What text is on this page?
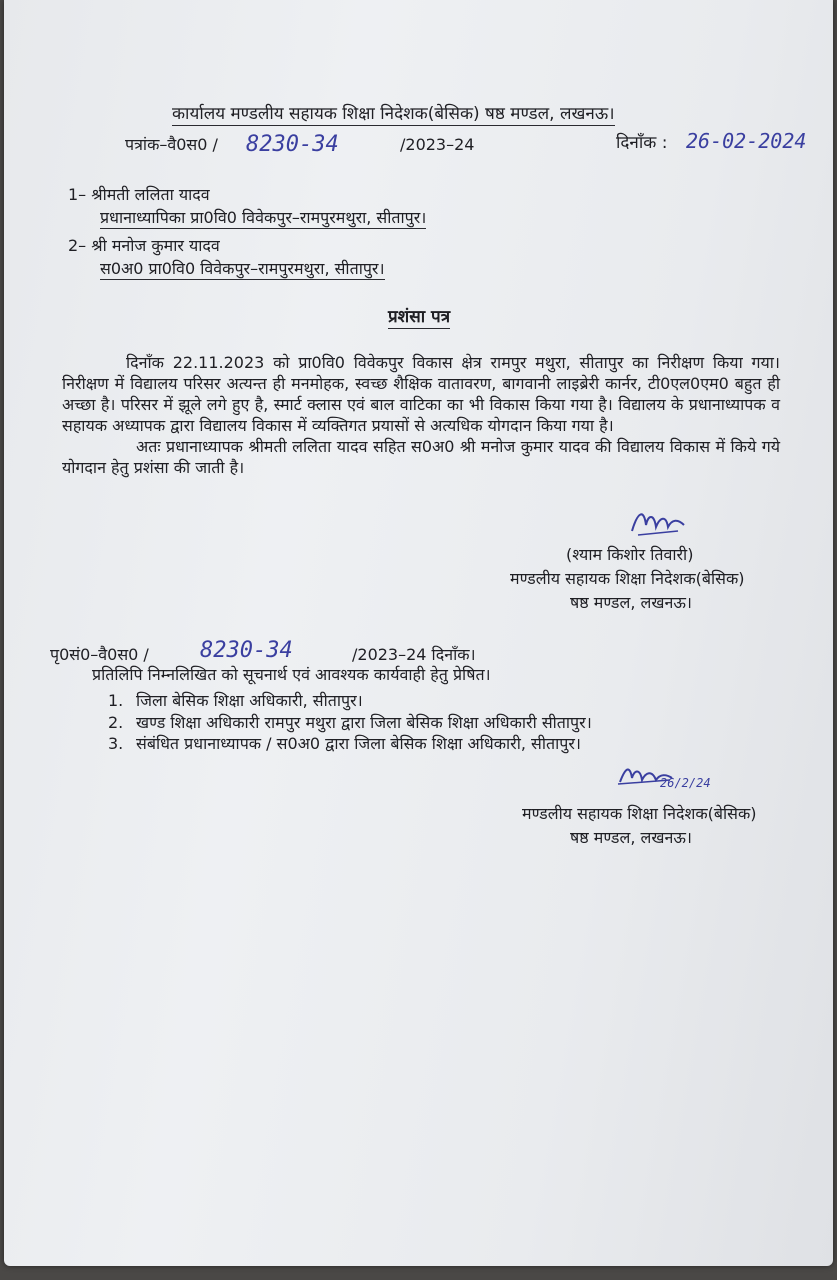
कार्यालय मण्डलीय सहायक शिक्षा निदेशक(बेसिक) षष्ठ मण्डल, लखनऊ।
पत्रांक–वै0स0 / 8230-34	/2023–24	दिनाँक : 26-02-2024
1– श्रीमती ललिता यादव
प्रधानाध्यापिका प्रा0वि0 विवेकपुर–रामपुरमथुरा, सीतापुर।
2– श्री मनोज कुमार यादव
स0अ0 प्रा0वि0 विवेकपुर–रामपुरमथुरा, सीतापुर।
प्रशंसा पत्र

दिनाँक 22.11.2023 को प्रा0वि0 विवेकपुर विकास क्षेत्र रामपुर मथुरा, सीतापुर का निरीक्षण किया गया। निरीक्षण में विद्यालय परिसर अत्यन्त ही मनमोहक, स्वच्छ शैक्षिक वातावरण, बागवानी लाइब्रेरी कार्नर, टी0एल0एम0 बहुत ही अच्छा है। परिसर में झूले लगे हुए है, स्मार्ट क्लास एवं बाल वाटिका का भी विकास किया गया है। विद्यालय के प्रधानाध्यापक व सहायक अध्यापक द्वारा विद्यालय विकास में व्यक्तिगत प्रयासों से अत्यधिक योगदान किया गया है।

अतः प्रधानाध्यापक श्रीमती ललिता यादव सहित स0अ0 श्री मनोज कुमार यादव की विद्यालय विकास में किये गये योगदान हेतु प्रशंसा की जाती है।

(श्याम किशोर तिवारी)
मण्डलीय सहायक शिक्षा निदेशक(बेसिक)
षष्ठ मण्डल, लखनऊ।
पृ0सं0–वै0स0 / 8230-34	/2023–24 दिनाँक।
प्रतिलिपि निम्नलिखित को सूचनार्थ एवं आवश्यक कार्यवाही हेतु प्रेषित।
1. जिला बेसिक शिक्षा अधिकारी, सीतापुर।
2. खण्ड शिक्षा अधिकारी रामपुर मथुरा द्वारा जिला बेसिक शिक्षा अधिकारी सीतापुर।
3. संबंधित प्रधानाध्यापक / स0अ0 द्वारा जिला बेसिक शिक्षा अधिकारी, सीतापुर।
26/2/24
मण्डलीय सहायक शिक्षा निदेशक(बेसिक)
षष्ठ मण्डल, लखनऊ।
